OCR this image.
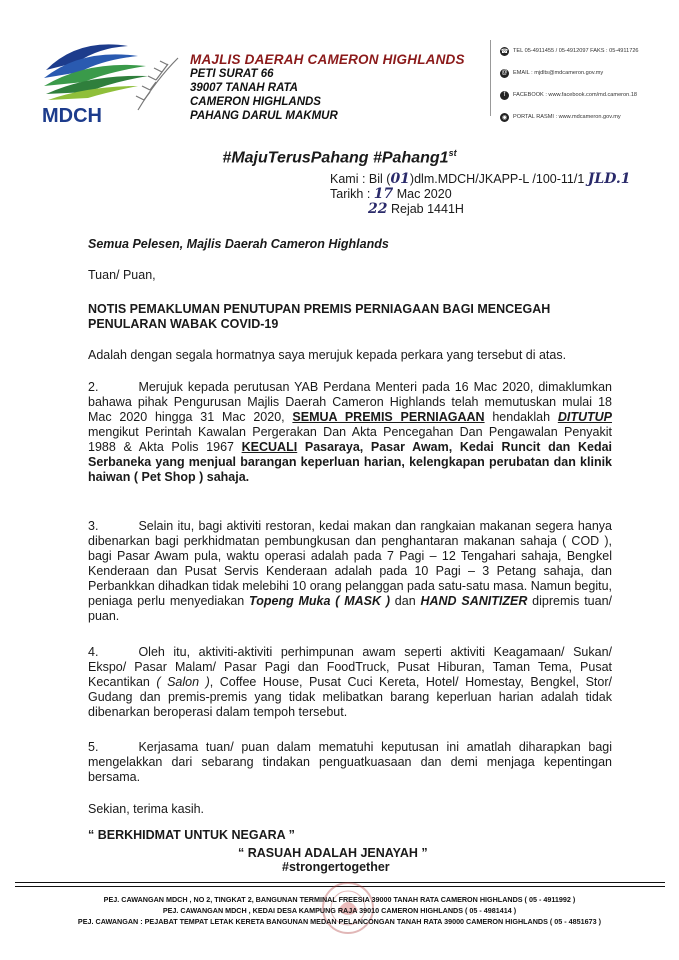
MDCH
MAJLIS DAERAH CAMERON HIGHLANDS
PETI SURAT 66
39007 TANAH RATA
CAMERON HIGHLANDS
PAHANG DARUL MAKMUR
☎ TEL 05-4911455 / 05-4912097 FAKS : 05-4911726
@ EMAIL : mjdlts@mdcameron.gov.my
f	FACEBOOK : www.facebook.com/md.cameron.18
◉	PORTAL RASMI : www.mdcameron.gov.my
#MajuTerusPahang #Pahang1st
Kami : Bil (01)dlm.MDCH/JKAPP-L /100-11/1 JLD.1
Tarikh : 17 Mac 2020
22 Rejab 1441H
Semua Pelesen, Majlis Daerah Cameron Highlands
Tuan/ Puan,
NOTIS PEMAKLUMAN PENUTUPAN PREMIS PERNIAGAAN BAGI MENCEGAH PENULARAN WABAK COVID-19
Adalah dengan segala hormatnya saya merujuk kepada perkara yang tersebut di atas.
2.	Merujuk kepada perutusan YAB Perdana Menteri pada 16 Mac 2020, dimaklumkan bahawa pihak Pengurusan Majlis Daerah Cameron Highlands telah memutuskan mulai 18 Mac 2020 hingga 31 Mac 2020, SEMUA PREMIS PERNIAGAAN hendaklah DITUTUP mengikut Perintah Kawalan Pergerakan Dan Akta Pencegahan Dan Pengawalan Penyakit 1988 & Akta Polis 1967 KECUALI Pasaraya, Pasar Awam, Kedai Runcit dan Kedai Serbaneka yang menjual barangan keperluan harian, kelengkapan perubatan dan klinik haiwan ( Pet Shop ) sahaja.
3.	Selain itu, bagi aktiviti restoran, kedai makan dan rangkaian makanan segera hanya dibenarkan bagi perkhidmatan pembungkusan dan penghantaran makanan sahaja ( COD ), bagi Pasar Awam pula, waktu operasi adalah pada 7 Pagi – 12 Tengahari sahaja, Bengkel Kenderaan dan Pusat Servis Kenderaan adalah pada 10 Pagi – 3 Petang sahaja, dan Perbankkan dihadkan tidak melebihi 10 orang pelanggan pada satu-satu masa. Namun begitu, peniaga perlu menyediakan Topeng Muka ( MASK ) dan HAND SANITIZER dipremis tuan/ puan.
4.	Oleh itu, aktiviti-aktiviti perhimpunan awam seperti aktiviti Keagamaan/ Sukan/ Ekspo/ Pasar Malam/ Pasar Pagi dan FoodTruck, Pusat Hiburan, Taman Tema, Pusat Kecantikan ( Salon ), Coffee House, Pusat Cuci Kereta, Hotel/ Homestay, Bengkel, Stor/ Gudang dan premis-premis yang tidak melibatkan barang keperluan harian adalah tidak dibenarkan beroperasi dalam tempoh tersebut.
5.	Kerjasama tuan/ puan dalam mematuhi keputusan ini amatlah diharapkan bagi mengelakkan dari sebarang tindakan penguatkuasaan dan demi menjaga kepentingan bersama.
Sekian, terima kasih.
“ BERKHIDMAT UNTUK NEGARA ”
“ RASUAH ADALAH JENAYAH ”
#strongertogether
PEJ. CAWANGAN MDCH , NO 2, TINGKAT 2, BANGUNAN TERMINAL FREESIA 39000 TANAH RATA CAMERON HIGHLANDS ( 05 - 4911992 )
PEJ. CAWANGAN MDCH , KEDAI DESA KAMPUNG RAJA 39010 CAMERON HIGHLANDS ( 05 - 4981414 )
PEJ. CAWANGAN : PEJABAT TEMPAT LETAK KERETA BANGUNAN MEDAN PELANCONGAN TANAH RATA 39000 CAMERON HIGHLANDS ( 05 - 4851673 )
